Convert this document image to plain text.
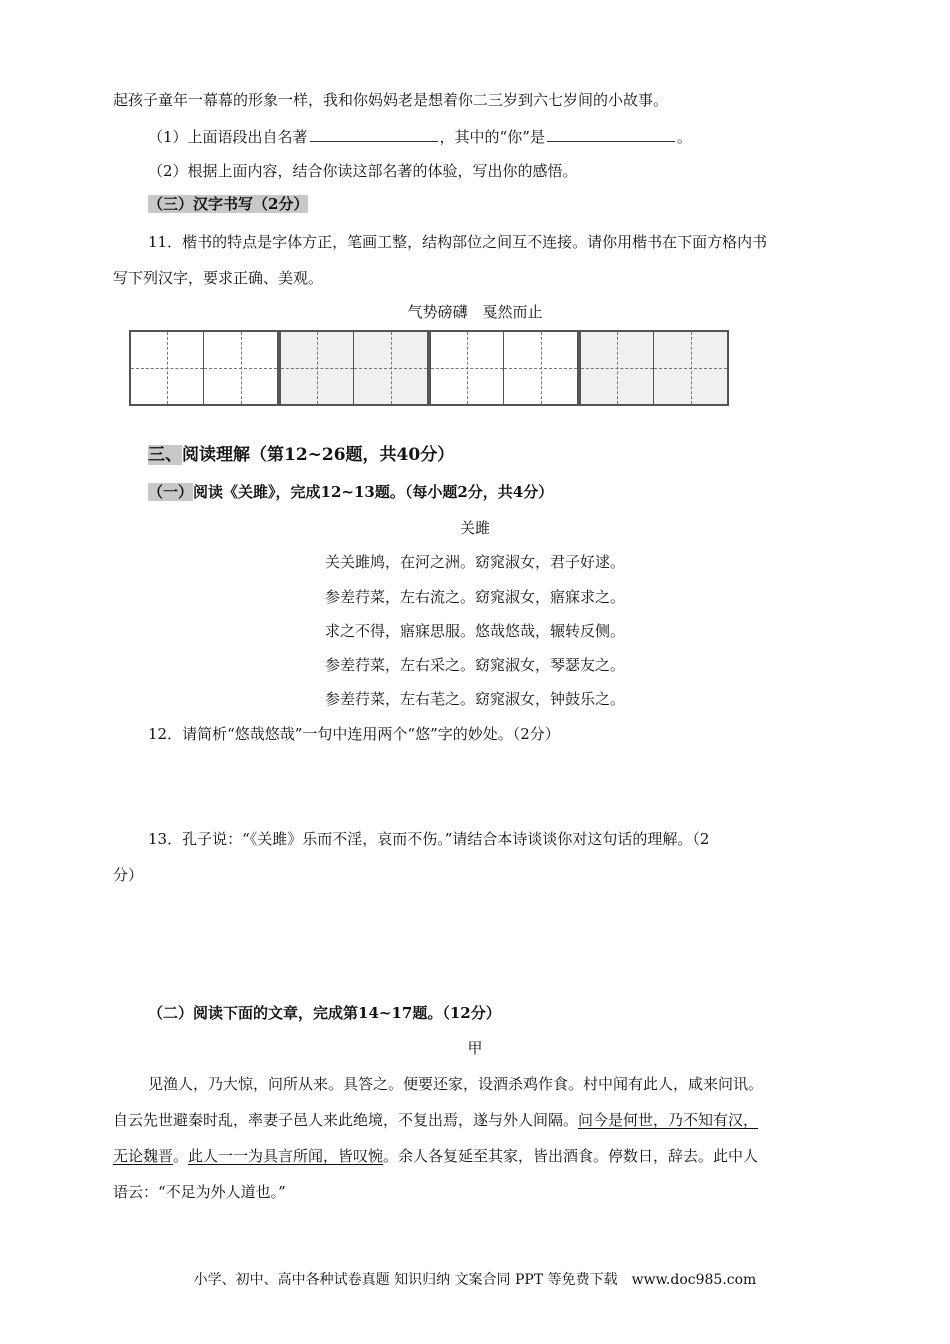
起孩子童年一幕幕的形象一样，我和你妈妈老是想着你二三岁到六七岁间的小故事。
（1）上面语段出自名著	，其中的“你”是	。
（2）根据上面内容，结合你读这部名著的体验，写出你的感悟。
（三）汉字书写（2分）
11．楷书的特点是字体方正，笔画工整，结构部位之间互不连接。请你用楷书在下面方格内书
写下列汉字，要求正确、美观。
气势磅礴　戛然而止
三、阅读理解（第12~26题，共40分）
（一）阅读《关雎》，完成12~13题。（每小题2分，共4分）
关雎
关关雎鸠，在河之洲。窈窕淑女，君子好逑。
参差荇菜，左右流之。窈窕淑女，寤寐求之。
求之不得，寤寐思服。悠哉悠哉，辗转反侧。
参差荇菜，左右采之。窈窕淑女，琴瑟友之。
参差荇菜，左右芼之。窈窕淑女，钟鼓乐之。
12．请简析“悠哉悠哉”一句中连用两个“悠”字的妙处。（2分）
13．孔子说：“《关雎》乐而不淫，哀而不伤。”请结合本诗谈谈你对这句话的理解。（2
分）
（二）阅读下面的文章，完成第14~17题。（12分）
甲
见渔人，乃大惊，问所从来。具答之。便要还家，设酒杀鸡作食。村中闻有此人，咸来问讯。
自云先世避秦时乱，率妻子邑人来此绝境，不复出焉，遂与外人间隔。问今是何世，乃不知有汉，
无论魏晋。此人一一为具言所闻，皆叹惋。余人各复延至其家，皆出酒食。停数日，辞去。此中人
语云：“不足为外人道也。”
小学、初中、高中各种试卷真题 知识归纳 文案合同 PPT 等免费下载　www.doc985.com
